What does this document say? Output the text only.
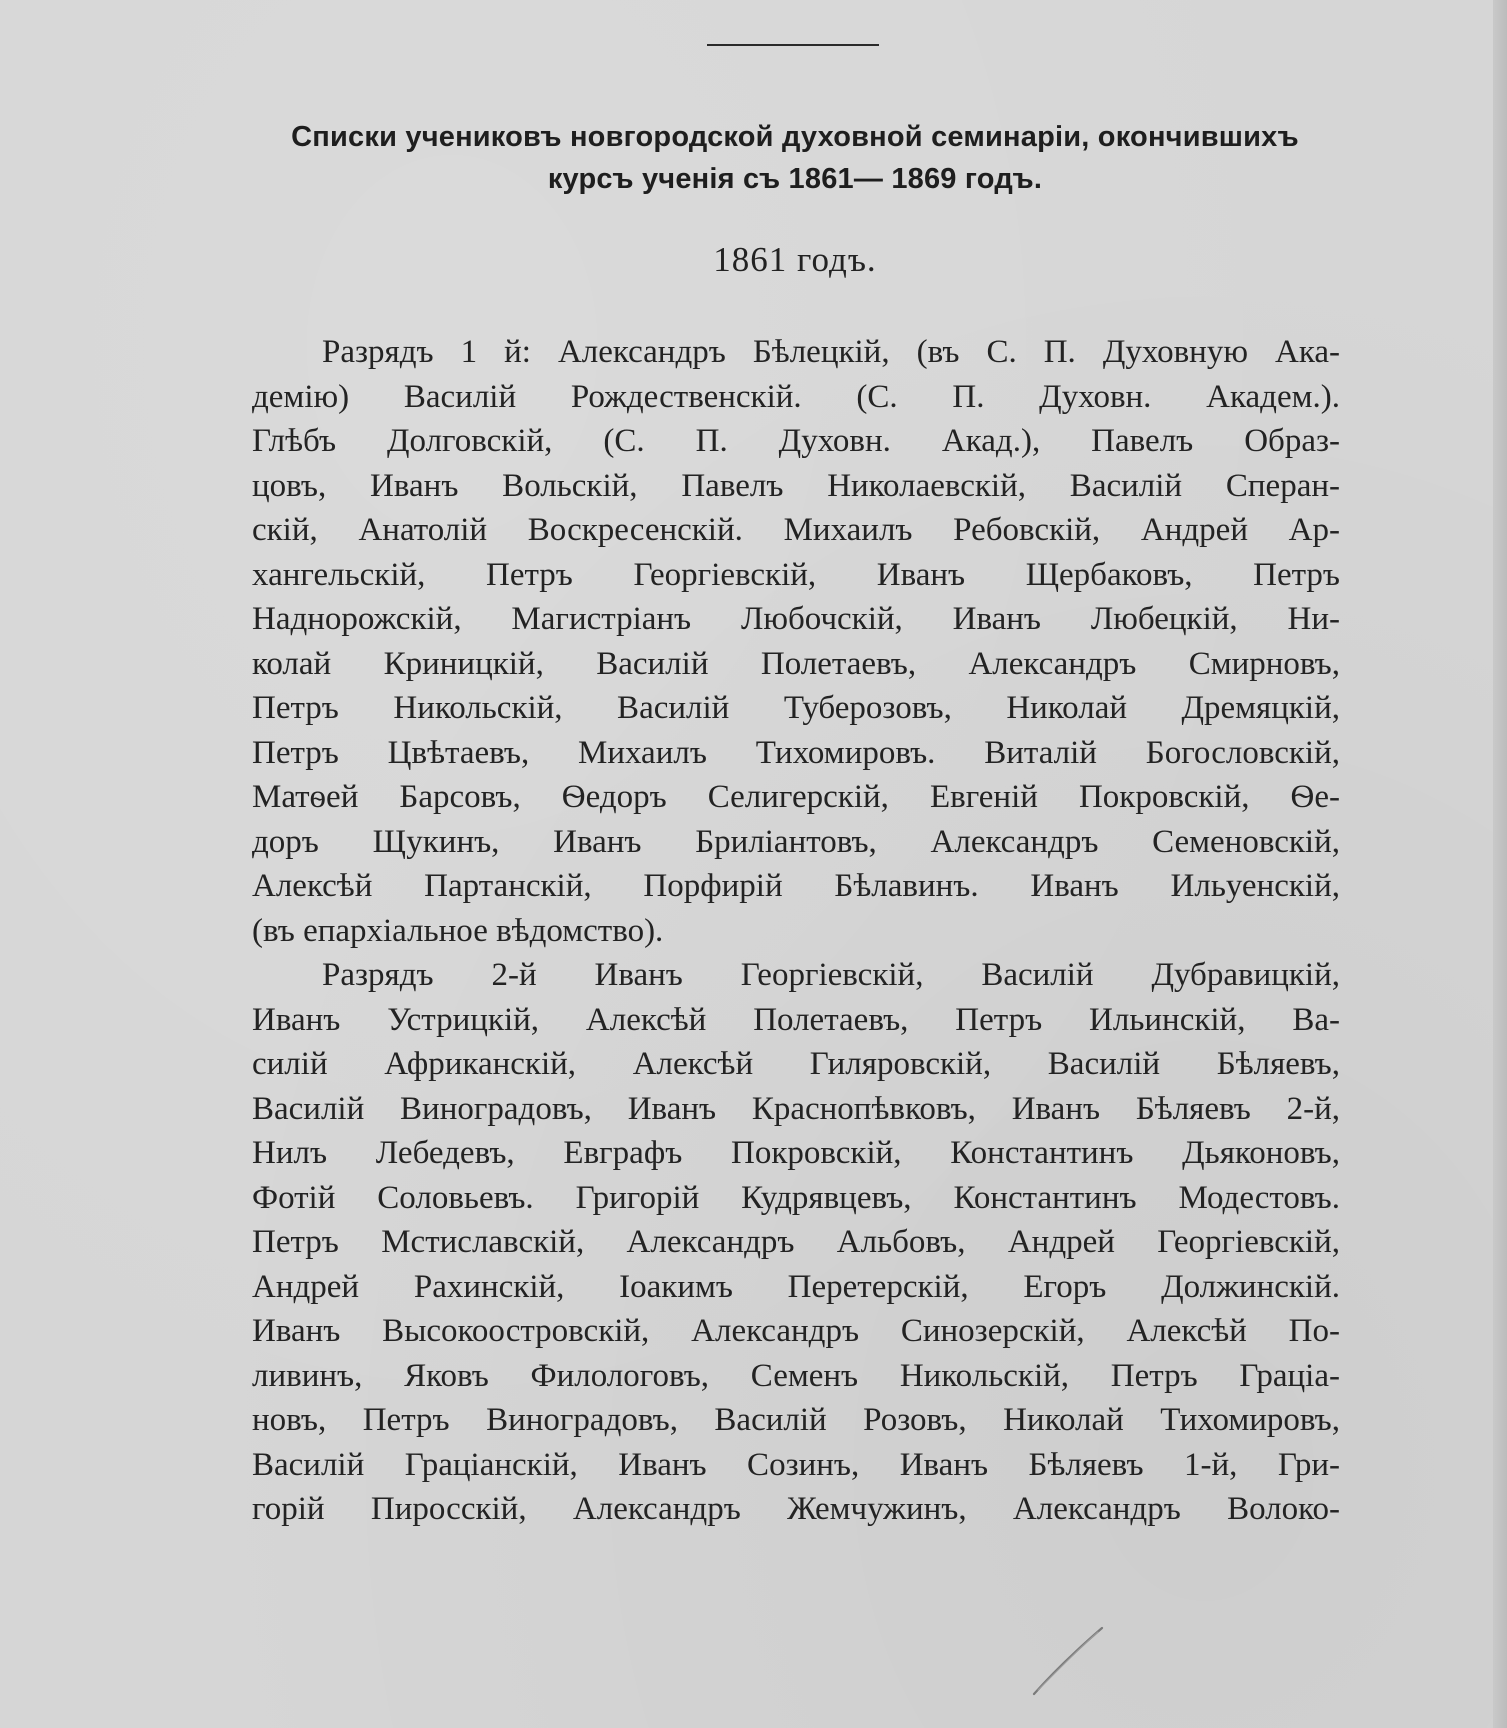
Списки учениковъ новгородской духовной семинаріи, окончившихъ
курсъ ученія съ 1861— 1869 годъ.
1861 годъ.
Разрядъ 1 й: Александръ Бѣлецкій, (въ С. П. Духовную Ака-
демію) Василій Рождественскій. (С. П. Духовн. Академ.).
Глѣбъ Долговскій, (С. П. Духовн. Акад.), Павелъ Образ-
цовъ, Иванъ Вольскій, Павелъ Николаевскій, Василій Сперан-
скій, Анатолій Воскресенскій. Михаилъ Ребовскій, Андрей Ар-
хангельскій, Петръ Георгіевскій, Иванъ Щербаковъ, Петръ
Наднорожскій, Магистріанъ Любочскій, Иванъ Любецкій, Ни-
колай Криницкій, Василій Полетаевъ, Александръ Смирновъ,
Петръ Никольскій, Василій Туберозовъ, Николай Дремяцкій,
Петръ Цвѣтаевъ, Михаилъ Тихомировъ. Виталій Богословскій,
Матѳей Барсовъ, Ѳедоръ Селигерскій, Евгеній Покровскій, Ѳе-
доръ Щукинъ, Иванъ Бриліантовъ, Александръ Семеновскій,
Алексѣй Партанскій, Порфирій Бѣлавинъ. Иванъ Ильуенскій,
(въ епархіальное вѣдомство).
Разрядъ 2-й Иванъ Георгіевскій, Василій Дубравицкій,
Иванъ Устрицкій, Алексѣй Полетаевъ, Петръ Ильинскій, Ва-
силій Африканскій, Алексѣй Гиляровскій, Василій Бѣляевъ,
Василій Виноградовъ, Иванъ Краснопѣвковъ, Иванъ Бѣляевъ 2-й,
Нилъ Лебедевъ, Евграфъ Покровскій, Константинъ Дьяконовъ,
Фотій Соловьевъ. Григорій Кудрявцевъ, Константинъ Модестовъ.
Петръ Мстиславскій, Александръ Альбовъ, Андрей Георгіевскій,
Андрей Рахинскій, Іоакимъ Перетерскій, Егоръ Должинскій.
Иванъ Высокоостровскій, Александръ Синозерскій, Алексѣй По-
ливинъ, Яковъ Филологовъ, Семенъ Никольскій, Петръ Граціа-
новъ, Петръ Виноградовъ, Василій Розовъ, Николай Тихомировъ,
Василій Граціанскій, Иванъ Созинъ, Иванъ Бѣляевъ 1-й, Гри-
горій Пиросскій, Александръ Жемчужинъ, Александръ Волоко-
